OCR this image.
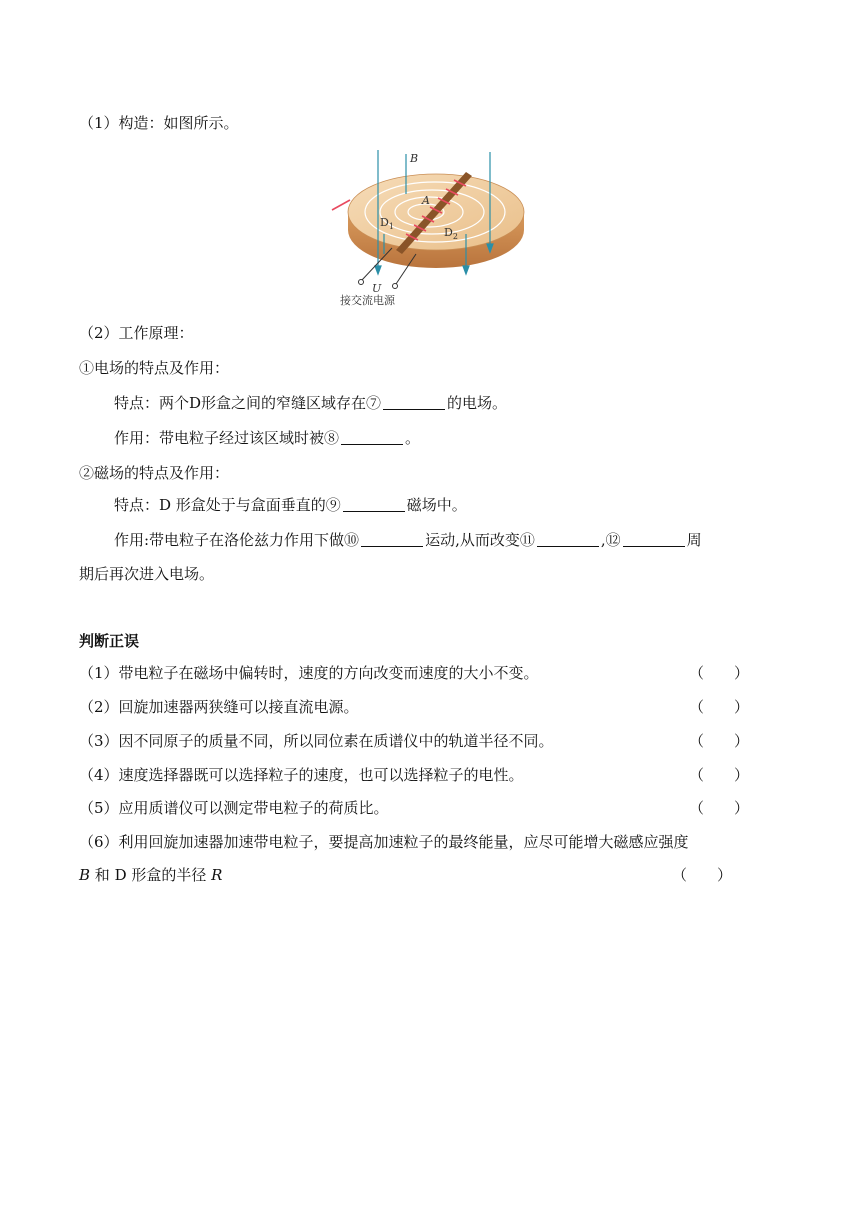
（1）构造：如图所示。
B
A
$D_1$	$D_2$
U
接交流电源
（2）工作原理：
①电场的特点及作用：
特点：两个D形盒之间的窄缝区域存在⑦	的电场。
作用：带电粒子经过该区域时被⑧	。
②磁场的特点及作用：
特点：D 形盒处于与盒面垂直的⑨	磁场中。
作用:带电粒子在洛伦兹力作用下做⑩	运动,从而改变⑪	,⑫	周
期后再次进入电场。
判断正误
（1）带电粒子在磁场中偏转时，速度的方向改变而速度的大小不变。	（　　）
（2）回旋加速器两狭缝可以接直流电源。	（　　）
（3）因不同原子的质量不同，所以同位素在质谱仪中的轨道半径不同。	（　　）
（4）速度选择器既可以选择粒子的速度，也可以选择粒子的电性。	（　　）
（5）应用质谱仪可以测定带电粒子的荷质比。	（　　）
（6）利用回旋加速器加速带电粒子，要提高加速粒子的最终能量，应尽可能增大磁感应强度
B 和 D 形盒的半径 R	（　　）
